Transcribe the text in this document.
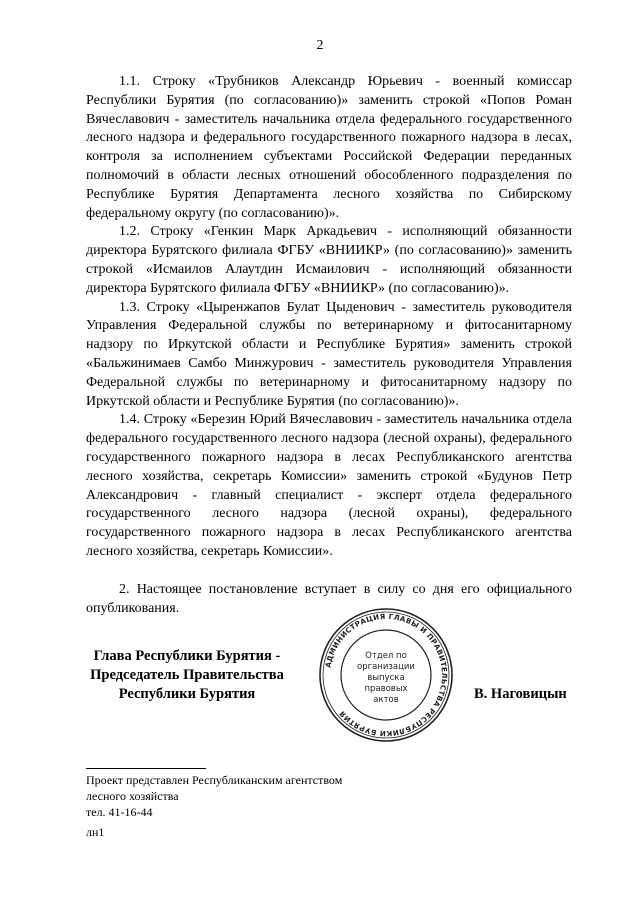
2

1.1. Строку «Трубников Александр Юрьевич - военный комиссар Республики Бурятия (по согласованию)» заменить строкой «Попов Роман Вячеславович - заместитель начальника отдела федерального государственного лесного надзора и федерального государственного пожарного надзора в лесах, контроля за исполнением субъектами Российской Федерации переданных полномочий в области лесных отношений обособленного подразделения по Республике Бурятия Департамента лесного хозяйства по Сибирскому федеральному округу (по согласованию)».

1.2. Строку «Генкин Марк Аркадьевич - исполняющий обязанности директора Бурятского филиала ФГБУ «ВНИИКР» (по согласованию)» заменить строкой «Исмаилов Алаутдин Исмаилович - исполняющий обязанности директора Бурятского филиала ФГБУ «ВНИИКР» (по согласованию)».

1.3. Строку «Цыренжапов Булат Цыденович - заместитель руководителя Управления Федеральной службы по ветеринарному и фитосанитарному надзору по Иркутской области и Республике Бурятия» заменить строкой «Бальжинимаев Самбо Минжурович - заместитель руководителя Управления Федеральной службы по ветеринарному и фитосанитарному надзору по Иркутской области и Республике Бурятия (по согласованию)».

1.4. Строку «Березин Юрий Вячеславович - заместитель начальника отдела федерального государственного лесного надзора (лесной охраны), федерального государственного пожарного надзора в лесах Республиканского агентства лесного хозяйства, секретарь Комиссии» заменить строкой «Будунов Петр Александрович - главный специалист - эксперт отдела федерального государственного лесного надзора (лесной охраны), федерального государственного пожарного надзора в лесах Республиканского агентства лесного хозяйства, секретарь Комиссии».

2. Настоящее постановление вступает в силу со дня его официального опубликования.

Глава Республики Бурятия -
Председатель Правительства
Республики Бурятия
АДМИНИСТРАЦИЯ ГЛАВЫ И ПРАВИТЕЛЬСТВА РЕСПУБЛИКИ БУРЯТИЯ
Отдел по
организации
выпуска
правовых
актов	В. Наговицын
Проект представлен Республиканским агентством
лесного хозяйства
тел. 41-16-44
лн1
